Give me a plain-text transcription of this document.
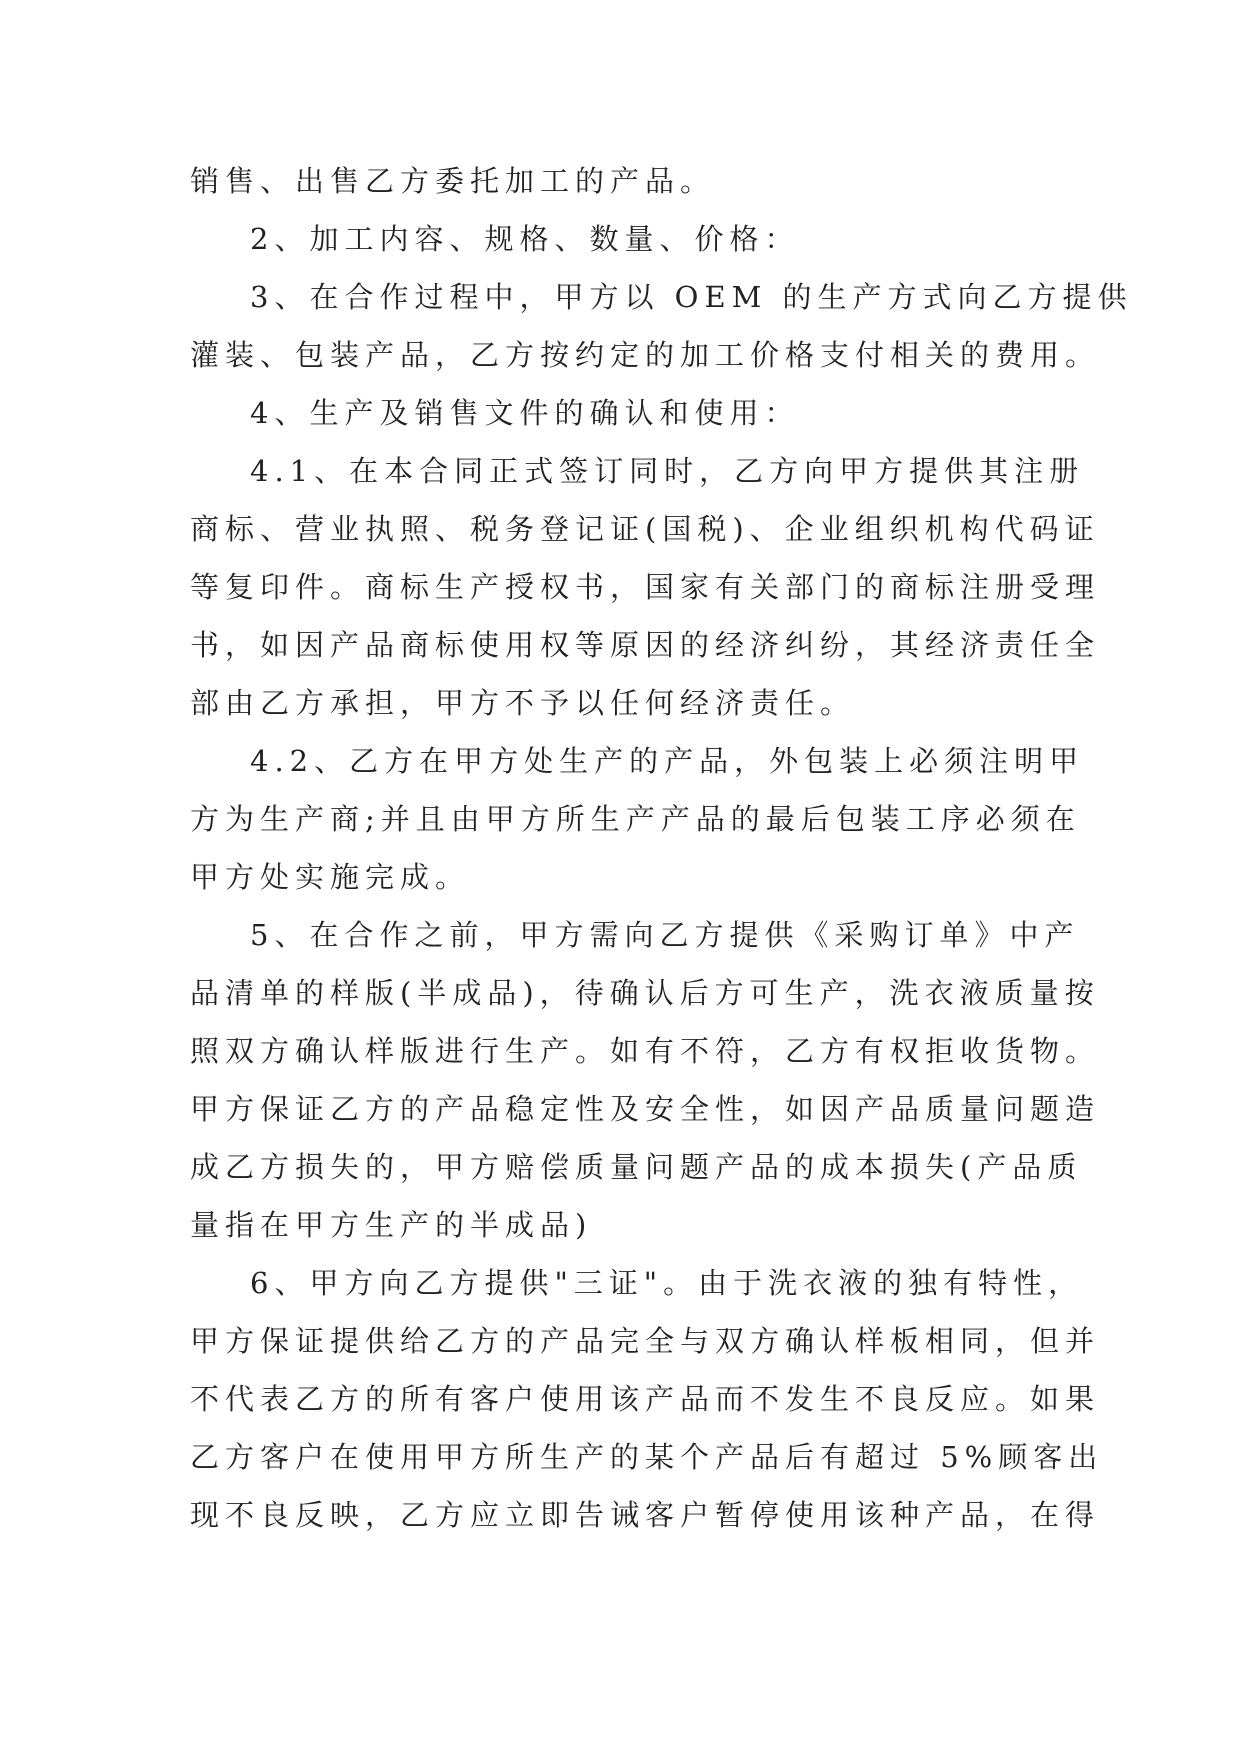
销售、出售乙方委托加工的产品。
2、加工内容、规格、数量、价格：
3、在合作过程中，甲方以 OEM 的生产方式向乙方提供
灌装、包装产品，乙方按约定的加工价格支付相关的费用。
4、生产及销售文件的确认和使用：
4.1、在本合同正式签订同时，乙方向甲方提供其注册
商标、营业执照、税务登记证(国税)、企业组织机构代码证
等复印件。商标生产授权书，国家有关部门的商标注册受理
书，如因产品商标使用权等原因的经济纠纷，其经济责任全
部由乙方承担，甲方不予以任何经济责任。
4.2、乙方在甲方处生产的产品，外包装上必须注明甲
方为生产商;并且由甲方所生产产品的最后包装工序必须在
甲方处实施完成。
5、在合作之前，甲方需向乙方提供《采购订单》中产
品清单的样版(半成品)，待确认后方可生产，洗衣液质量按
照双方确认样版进行生产。如有不符，乙方有权拒收货物。
甲方保证乙方的产品稳定性及安全性，如因产品质量问题造
成乙方损失的，甲方赔偿质量问题产品的成本损失(产品质
量指在甲方生产的半成品)
6、甲方向乙方提供"三证"。由于洗衣液的独有特性，
甲方保证提供给乙方的产品完全与双方确认样板相同，但并
不代表乙方的所有客户使用该产品而不发生不良反应。如果
乙方客户在使用甲方所生产的某个产品后有超过 5%顾客出
现不良反映，乙方应立即告诫客户暂停使用该种产品，在得
